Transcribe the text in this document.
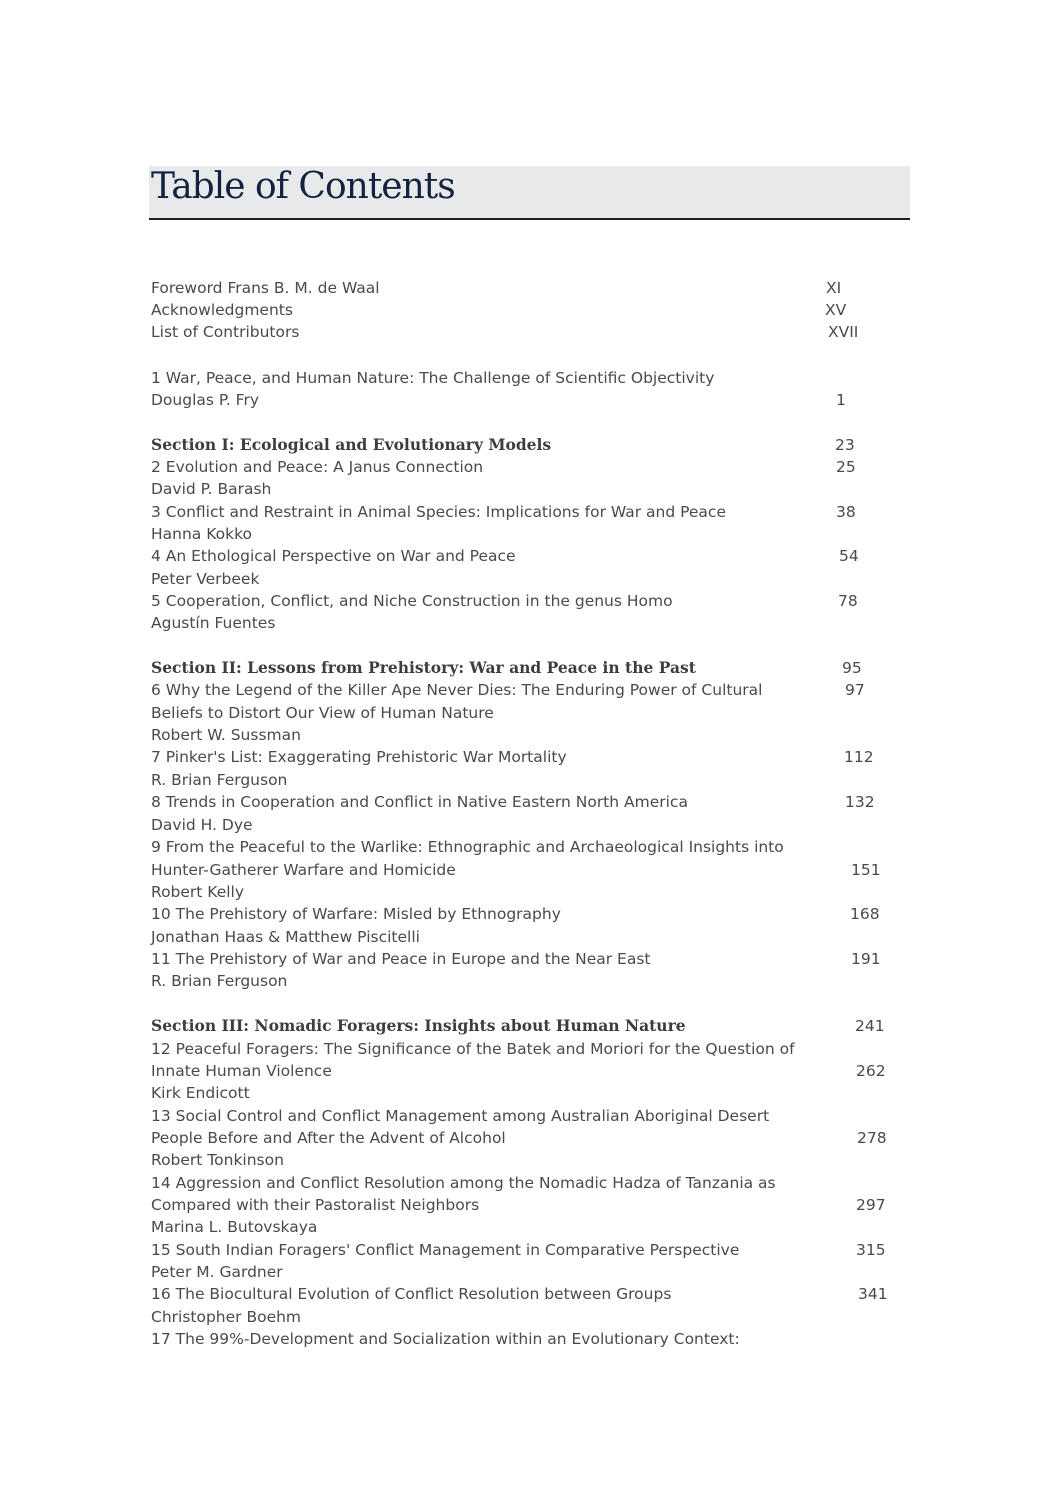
Table of Contents
Foreword Frans B. M. de Waal	XI
Acknowledgments	XV
List of Contributors	XVII
1 War, Peace, and Human Nature: The Challenge of Scientific Objectivity
Douglas P. Fry	1
Section I: Ecological and Evolutionary Models	23
2 Evolution and Peace: A Janus Connection	25
David P. Barash
3 Conflict and Restraint in Animal Species: Implications for War and Peace	38
Hanna Kokko
4 An Ethological Perspective on War and Peace	54
Peter Verbeek
5 Cooperation, Conflict, and Niche Construction in the genus Homo	78
Agustín Fuentes
Section II: Lessons from Prehistory: War and Peace in the Past	95
6 Why the Legend of the Killer Ape Never Dies: The Enduring Power of Cultural	97
Beliefs to Distort Our View of Human Nature
Robert W. Sussman
7 Pinker's List: Exaggerating Prehistoric War Mortality	112
R. Brian Ferguson
8 Trends in Cooperation and Conflict in Native Eastern North America	132
David H. Dye
9 From the Peaceful to the Warlike: Ethnographic and Archaeological Insights into
Hunter-Gatherer Warfare and Homicide	151
Robert Kelly
10 The Prehistory of Warfare: Misled by Ethnography	168
Jonathan Haas & Matthew Piscitelli
11 The Prehistory of War and Peace in Europe and the Near East	191
R. Brian Ferguson
Section III: Nomadic Foragers: Insights about Human Nature	241
12 Peaceful Foragers: The Significance of the Batek and Moriori for the Question of
Innate Human Violence	262
Kirk Endicott
13 Social Control and Conflict Management among Australian Aboriginal Desert
People Before and After the Advent of Alcohol	278
Robert Tonkinson
14 Aggression and Conflict Resolution among the Nomadic Hadza of Tanzania as
Compared with their Pastoralist Neighbors	297
Marina L. Butovskaya
15 South Indian Foragers' Conflict Management in Comparative Perspective	315
Peter M. Gardner
16 The Biocultural Evolution of Conflict Resolution between Groups	341
Christopher Boehm
17 The 99%-Development and Socialization within an Evolutionary Context:
